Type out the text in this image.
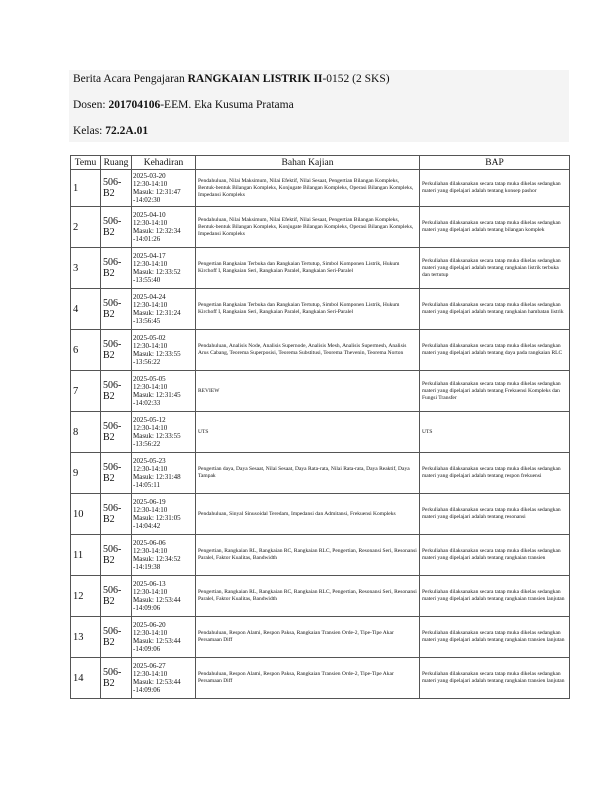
Berita Acara Pengajaran RANGKAIAN LISTRIK II-0152 (2 SKS)
Dosen: 201704106-EEM. Eka Kusuma Pratama
Kelas: 72.2A.01
Temu	Ruang	Kehadiran	Bahan Kajian	BAP
1	506-B2	2025-03-20
12:30-14:10
Masuk: 12:31:47
-14:02:30	Pendahuluan, Nilai Maksimum, Nilai Efektif, Nilai Sesaat, Pengertian Bilangan Kompleks, Bentuk-bentuk Bilangan Kompleks, Konjugate Bilangan Kompleks, Operasi Bilangan Kompleks, Impedansi Kompleks	Perkuliahan dilaksanakan secara tatap muka dikelas sedangkan materi yang dipelajari adalah tentang konsep pashor
2	506-B2	2025-04-10
12:30-14:10
Masuk: 12:32:34
-14:01:26	Pendahuluan, Nilai Maksimum, Nilai Efektif, Nilai Sesaat, Pengertian Bilangan Kompleks, Bentuk-bentuk Bilangan Kompleks, Konjugate Bilangan Kompleks, Operasi Bilangan Kompleks, Impedansi Kompleks	Perkuliahan dilaksanakan secara tatap muka dikelas sedangkan materi yang dipelajari adalah tentang bilangan komplek
3	506-B2	2025-04-17
12:30-14:10
Masuk: 12:33:52
-13:55:40	Pengertian Rangkaian Terbuka dan Rangkaian Tertutup, Simbol Komponen Listrik, Hukum Kirchoff I, Rangkaian Seri, Rangkaian Paralel, Rangkaian Seri-Paralel	Perkuliahan dilaksanakan secara tatap muka dikelas sedangkan materi yang dipelajari adalah tentang rangkaian listrik terbuka dan tertutup
4	506-B2	2025-04-24
12:30-14:10
Masuk: 12:31:24
-13:56:45	Pengertian Rangkaian Terbuka dan Rangkaian Tertutup, Simbol Komponen Listrik, Hukum Kirchoff I, Rangkaian Seri, Rangkaian Paralel, Rangkaian Seri-Paralel	Perkuliahan dilaksanakan secara tatap muka dikelas sedangkan materi yang dipelajari adalah tentang rangkaian hambatan listrik
6	506-B2	2025-05-02
12:30-14:10
Masuk: 12:33:55
-13:56:22	Pendahuluan, Analisis Node, Analisis Supernode, Analisis Mesh, Analisis Supermesh, Analisis Arus Cabang, Teorema Superposisi, Teorema Substitusi, Teorema Thevenin, Teorema Norton	Perkuliahan dilaksanakan secara tatap muka dikelas sedangkan materi yang dipelajari adalah tentang daya pada rangkaian RLC
7	506-B2	2025-05-05
12:30-14:10
Masuk: 12:31:45
-14:02:33	REVIEW	Perkuliahan dilaksanakan secara tatap muka dikelas sedangkan materi yang dipelajari adalah tentang Frekuensi Kompleks dan Fungsi Transfer
8	506-B2	2025-05-12
12:30-14:10
Masuk: 12:33:55
-13:56:22	UTS	UTS
9	506-B2	2025-05-23
12:30-14:10
Masuk: 12:31:48
-14:05:11	Pengertian daya, Daya Sesaat, Nilai Sesaat, Daya Rata-rata, Nilai Rata-rata, Daya Reaktif, Daya Tampak	Perkuliahan dilaksanakan secara tatap muka dikelas sedangkan materi yang dipelajari adalah tentang respon frekuensi
10	506-B2	2025-06-19
12:30-14:10
Masuk: 12:31:05
-14:04:42	Pendahuluan, Sinyal Sinusoidal Teredam, Impedansi dan Admitansi, Frekuensi Kompleks	Perkuliahan dilaksanakan secara tatap muka dikelas sedangkan materi yang dipelajari adalah tentang resonansi
11	506-B2	2025-06-06
12:30-14:10
Masuk: 12:34:52
-14:19:38	Pengertian, Rangkaian RL, Rangkaian RC, Rangkaian RLC, Pengertian, Resonansi Seri, Resonansi Paralel, Faktor Kualitas, Bandwidth	Perkuliahan dilaksanakan secara tatap muka dikelas sedangkan materi yang dipelajari adalah tentang rangkaian transien
12	506-B2	2025-06-13
12:30-14:10
Masuk: 12:53:44
-14:09:06	Pengertian, Rangkaian RL, Rangkaian RC, Rangkaian RLC, Pengertian, Resonansi Seri, Resonansi Paralel, Faktor Kualitas, Bandwidth	Perkuliahan dilaksanakan secara tatap muka dikelas sedangkan materi yang dipelajari adalah tentang rangkaian transien lanjutan
13	506-B2	2025-06-20
12:30-14:10
Masuk: 12:53:44
-14:09:06	Pendahuluan, Respon Alami, Respon Paksa, Rangkaian Transien Orde-2, Tipe-Tipe Akar Persamaan Diff	Perkuliahan dilaksanakan secara tatap muka dikelas sedangkan materi yang dipelajari adalah tentang rangkaian transien lanjutan
14	506-B2	2025-06-27
12:30-14:10
Masuk: 12:53:44
-14:09:06	Pendahuluan, Respon Alami, Respon Paksa, Rangkaian Transien Orde-2, Tipe-Tipe Akar Persamaan Diff	Perkuliahan dilaksanakan secara tatap muka dikelas sedangkan materi yang dipelajari adalah tentang rangkaian transien lanjutan
